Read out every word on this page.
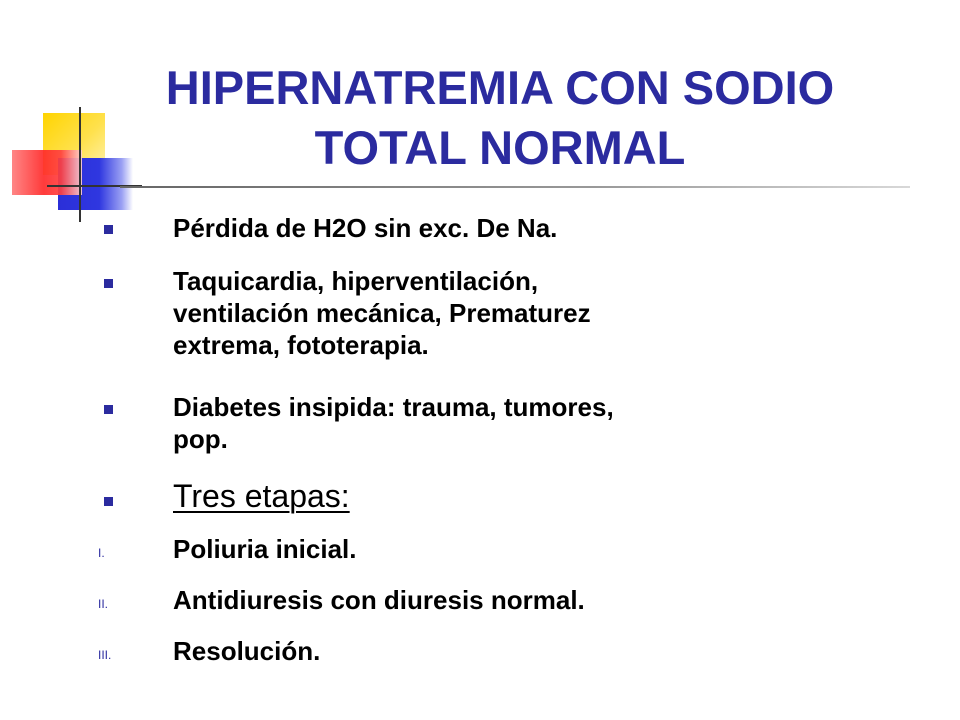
HIPERNATREMIA CON SODIO
TOTAL NORMAL
Pérdida de H2O sin exc. De Na.
Taquicardia, hiperventilación,
ventilación mecánica, Prematurez
extrema, fototerapia.
Diabetes insipida: trauma, tumores,
pop.
Tres etapas:
I.	Poliuria inicial.
II. Antidiuresis con diuresis normal.
III. Resolución.
